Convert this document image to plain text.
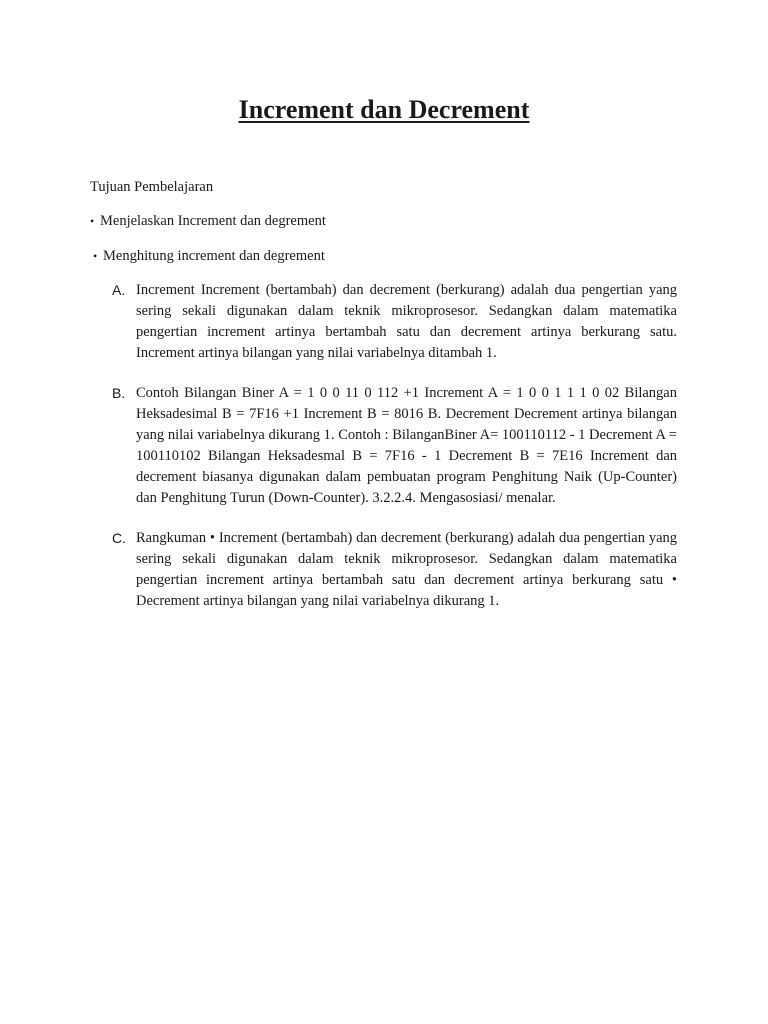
Increment dan Decrement

Tujuan Pembelajaran

• Menjelaskan Increment dan degrement

• Menghitung increment dan degrement

A. Increment Increment (bertambah) dan decrement (berkurang) adalah dua pengertian yang sering sekali digunakan dalam teknik mikroprosesor. Sedangkan dalam matematika pengertian increment artinya bertambah satu dan decrement artinya berkurang satu. Increment artinya bilangan yang nilai variabelnya ditambah 1.
B. Contoh Bilangan Biner A = 1 0 0 11 0 112 +1 Increment A = 1 0 0 1 1 1 0 02 Bilangan Heksadesimal B = 7F16 +1 Increment B = 8016 B. Decrement Decrement artinya bilangan yang nilai variabelnya dikurang 1. Contoh : BilanganBiner A= 100110112 - 1 Decrement A = 100110102 Bilangan Heksadesmal B = 7F16 - 1 Decrement B = 7E16 Increment dan decrement biasanya digunakan dalam pembuatan program Penghitung Naik (Up-Counter) dan Penghitung Turun (Down-Counter). 3.2.2.4. Mengasosiasi/ menalar.
C. Rangkuman • Increment (bertambah) dan decrement (berkurang) adalah dua pengertian yang sering sekali digunakan dalam teknik mikroprosesor. Sedangkan dalam matematika pengertian increment artinya bertambah satu dan decrement artinya berkurang satu • Decrement artinya bilangan yang nilai variabelnya dikurang 1.
